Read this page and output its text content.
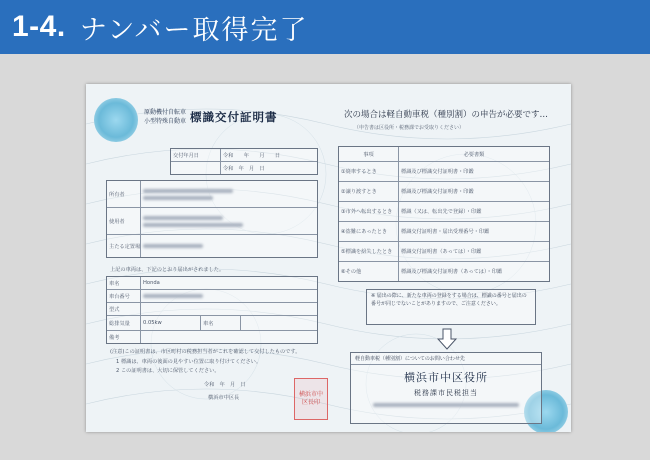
1-4. ナンバー取得完了
原動機付自転車
小型特殊自動車 標識交付証明書
交付年月日	令和　　年　　月　　日
令和　年　月　日
所有者
使用者
主たる定置場
上記の車両は、下記のとおり届出がされました。
車名	Honda
車台番号
型式
総排気量	0.05kw	車名
備考
(注意)この証明書は、市区町村の税務担当者がこれを確認して交付したものです。
1 標識は、車両の後面の見やすい位置に取り付けてください。
2 この証明書は、大切に保管してください。
令和　年　月　日
横浜市中区長	横浜市中区長印
次の場合は軽自動車税（種別割）の申告が必要です…
（申告書は区役所・税務課でお受取りください）
事項	必要書類
①廃車するとき	標識及び標識交付証明書・印鑑
②譲り渡すとき	標識及び標識交付証明書・印鑑
③市外へ転出するとき	標識（又は、転出先で登録）・印鑑
④盗難にあったとき	標識交付証明書・届出受理番号・印鑑
⑤標識を紛失したとき	標識交付証明書（あっては）・印鑑
⑥その他	標識及び標識交付証明書（あっては）・印鑑
※ 届出の際に、新たな車両の登録をする場合は、標識の番号と届出の番号が同じでないことがありますので、ご注意ください。
軽自動車税（種別割）についてのお問い合わせ先
横浜市中区役所
税務課市民税担当
